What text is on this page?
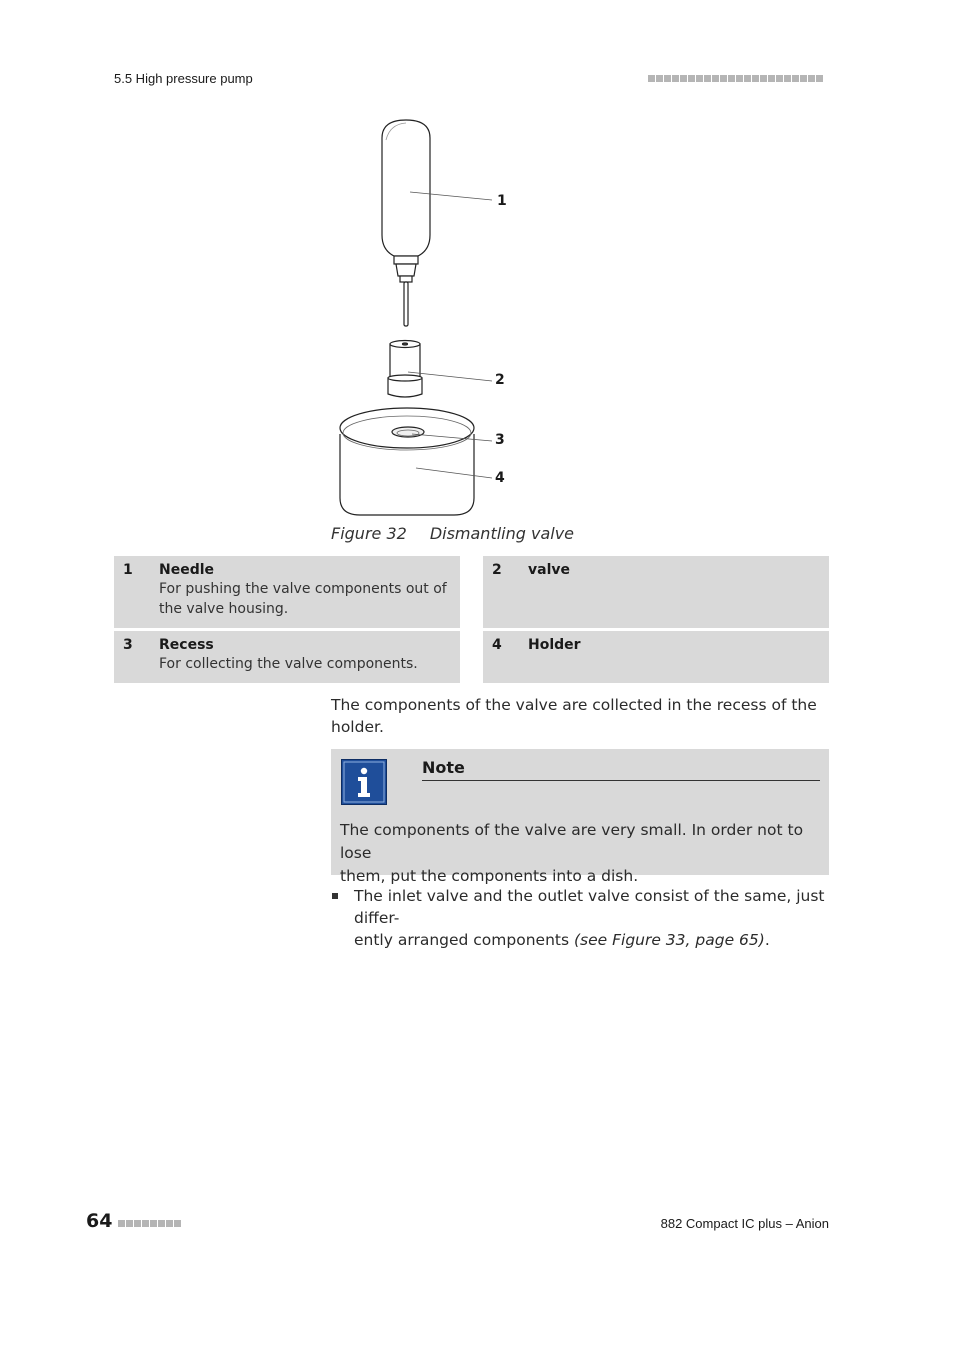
5.5 High pressure pump
1
2
3
4
Figure 32 Dismantling valve
1 Needle
For pushing the valve components out of
the valve housing.
2 valve
3 Recess
For collecting the valve components.
4 Holder
The components of the valve are collected in the recess of the
holder.
Note
The components of the valve are very small. In order not to lose
them, put the components into a dish.
The inlet valve and the outlet valve consist of the same, just differ-
ently arranged components (see Figure 33, page 65).
64	882 Compact IC plus – Anion
